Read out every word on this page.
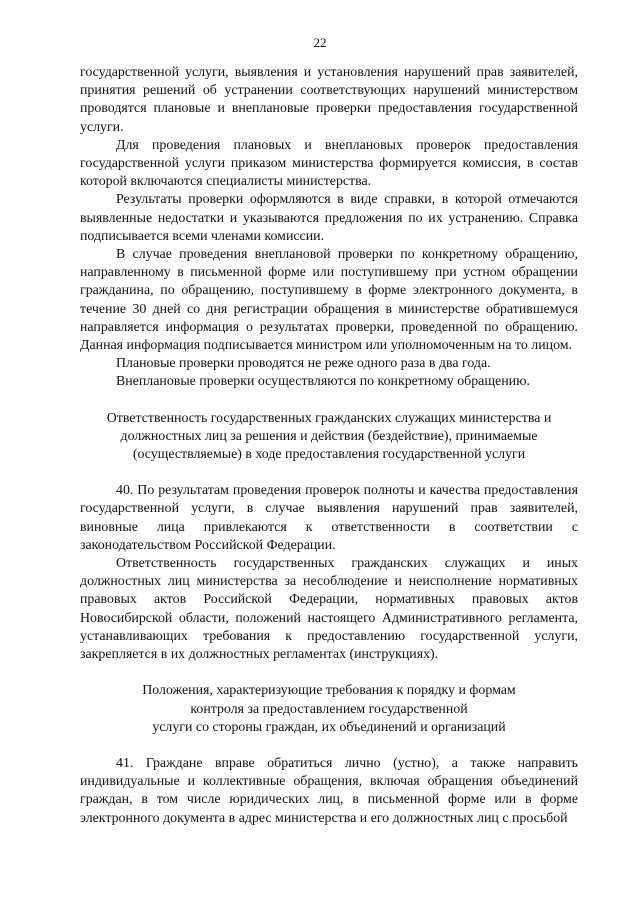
22

государственной услуги, выявления и установления нарушений прав заявителей, принятия решений об устранении соответствующих нарушений министерством проводятся плановые и внеплановые проверки предоставления государственной услуги.

Для проведения плановых и внеплановых проверок предоставления государственной услуги приказом министерства формируется комиссия, в состав которой включаются специалисты министерства.

Результаты проверки оформляются в виде справки, в которой отмечаются выявленные недостатки и указываются предложения по их устранению. Справка подписывается всеми членами комиссии.

В случае проведения внеплановой проверки по конкретному обращению, направленному в письменной форме или поступившему при устном обращении гражданина, по обращению, поступившему в форме электронного документа, в течение 30 дней со дня регистрации обращения в министерстве обратившемуся направляется информация о результатах проверки, проведенной по обращению. Данная информация подписывается министром или уполномоченным на то лицом.

Плановые проверки проводятся не реже одного раза в два года.

Внеплановые проверки осуществляются по конкретному обращению.

Ответственность государственных гражданских служащих министерства и
должностных лиц за решения и действия (бездействие), принимаемые
(осуществляемые) в ходе предоставления государственной услуги

40. По результатам проведения проверок полноты и качества предоставления государственной услуги, в случае выявления нарушений прав заявителей, виновные лица привлекаются к ответственности в соответствии с законодательством Российской Федерации.

Ответственность государственных гражданских служащих и иных должностных лиц министерства за несоблюдение и неисполнение нормативных правовых актов Российской Федерации, нормативных правовых актов Новосибирской области, положений настоящего Административного регламента, устанавливающих требования к предоставлению государственной услуги, закрепляется в их должностных регламентах (инструкциях).

Положения, характеризующие требования к порядку и формам
контроля за предоставлением государственной
услуги со стороны граждан, их объединений и организаций

41. Граждане вправе обратиться лично (устно), а также направить индивидуальные и коллективные обращения, включая обращения объединений граждан, в том числе юридических лиц, в письменной форме или в форме электронного документа в адрес министерства и его должностных лиц с просьбой
